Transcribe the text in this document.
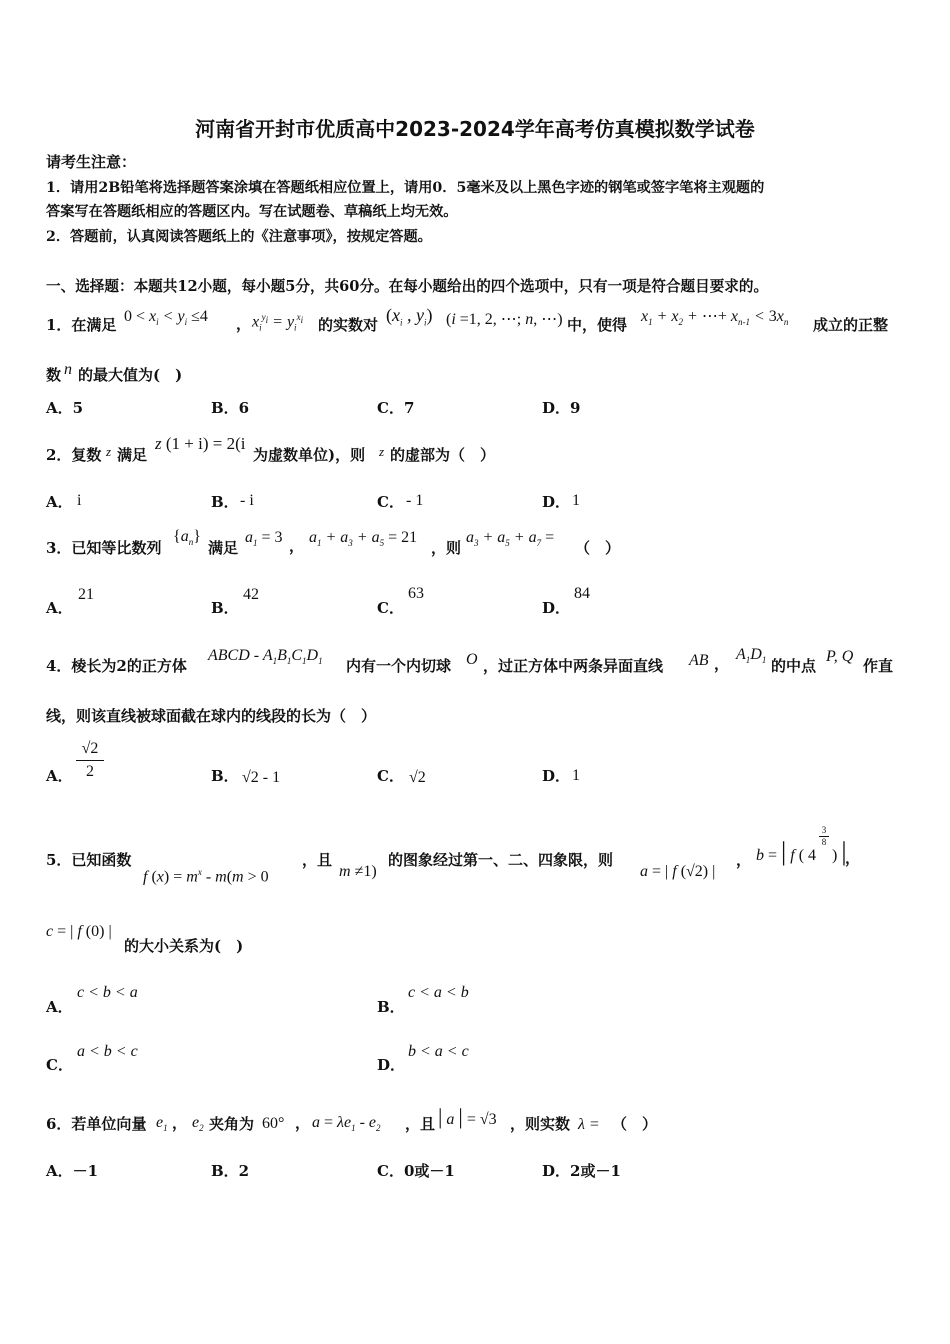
河南省开封市优质高中2023-2024学年高考仿真模拟数学试卷
请考生注意：
1．请用2B铅笔将选择题答案涂填在答题纸相应位置上，请用0．5毫米及以上黑色字迹的钢笔或签字笔将主观题的
答案写在答题纸相应的答题区内。写在试题卷、草稿纸上均无效。
2．答题前，认真阅读答题纸上的《注意事项》，按规定答题。
一、选择题：本题共12小题，每小题5分，共60分。在每小题给出的四个选项中，只有一项是符合题目要求的。
1．在满足 $0 < x_i < y_i \le 4$ ， $x_i^{y_i} = y_i^{x_i}$ 的实数对 ($x_i$ , $y_i$) (i =1, 2, ⋯; n, ⋯) 中，使得 $x_1 + x_2$ + ⋯+ $x_{n-1} < 3x_n$ 成立的正整
数 n 的最大值为(　)
A．5	B．6	C．7	D．9
2．复数 z 满足
z (1 + i) = 2(i
为虚数单位)，则 z 的虚部为（　）
A． i	B． - i	C． - 1	D． 1
3．已知等比数列
$\{a_n\}$
满足
$a_1 = 3$ ， $a_1 + a_3 + a_5 = 21$
，则
$a_3 + a_5 + a_7$ =
（　）
A．
21
B．
42
C．
63
D．
84
4．棱长为2的正方体
ABCD - $A_1B_1C_1D_1$ 内有一个内切球 O ，过正方体中两条异面直线 AB ，
$A_1D_1$ 的中点
P, Q
作直
线，则该直线被球面截在球内的线段的长为（　）
A．
√2
2	B． √2 - 1	C． √2	D． 1
5．已知函数
f $(x) = m^x - m(m > 0$
，且
m ≠1)
的图象经过第一、二、四象限，则
a = | f (√2) |
， b = | f ( 4
3
8
) |
，
c = | f (0) |
的大小关系为(　)
A．
c < b < a
B．
c < a < b
C．
a < b < c
D．
b < a < c
6．若单位向量 $e_1$ ， $e_2$ 夹角为 60° ， $a = \lambda e_1 - e_2$ ，且 | a | = √3 ，则实数 λ = （　）
A．－1	B．2	C．0或－1	D．2或－1
